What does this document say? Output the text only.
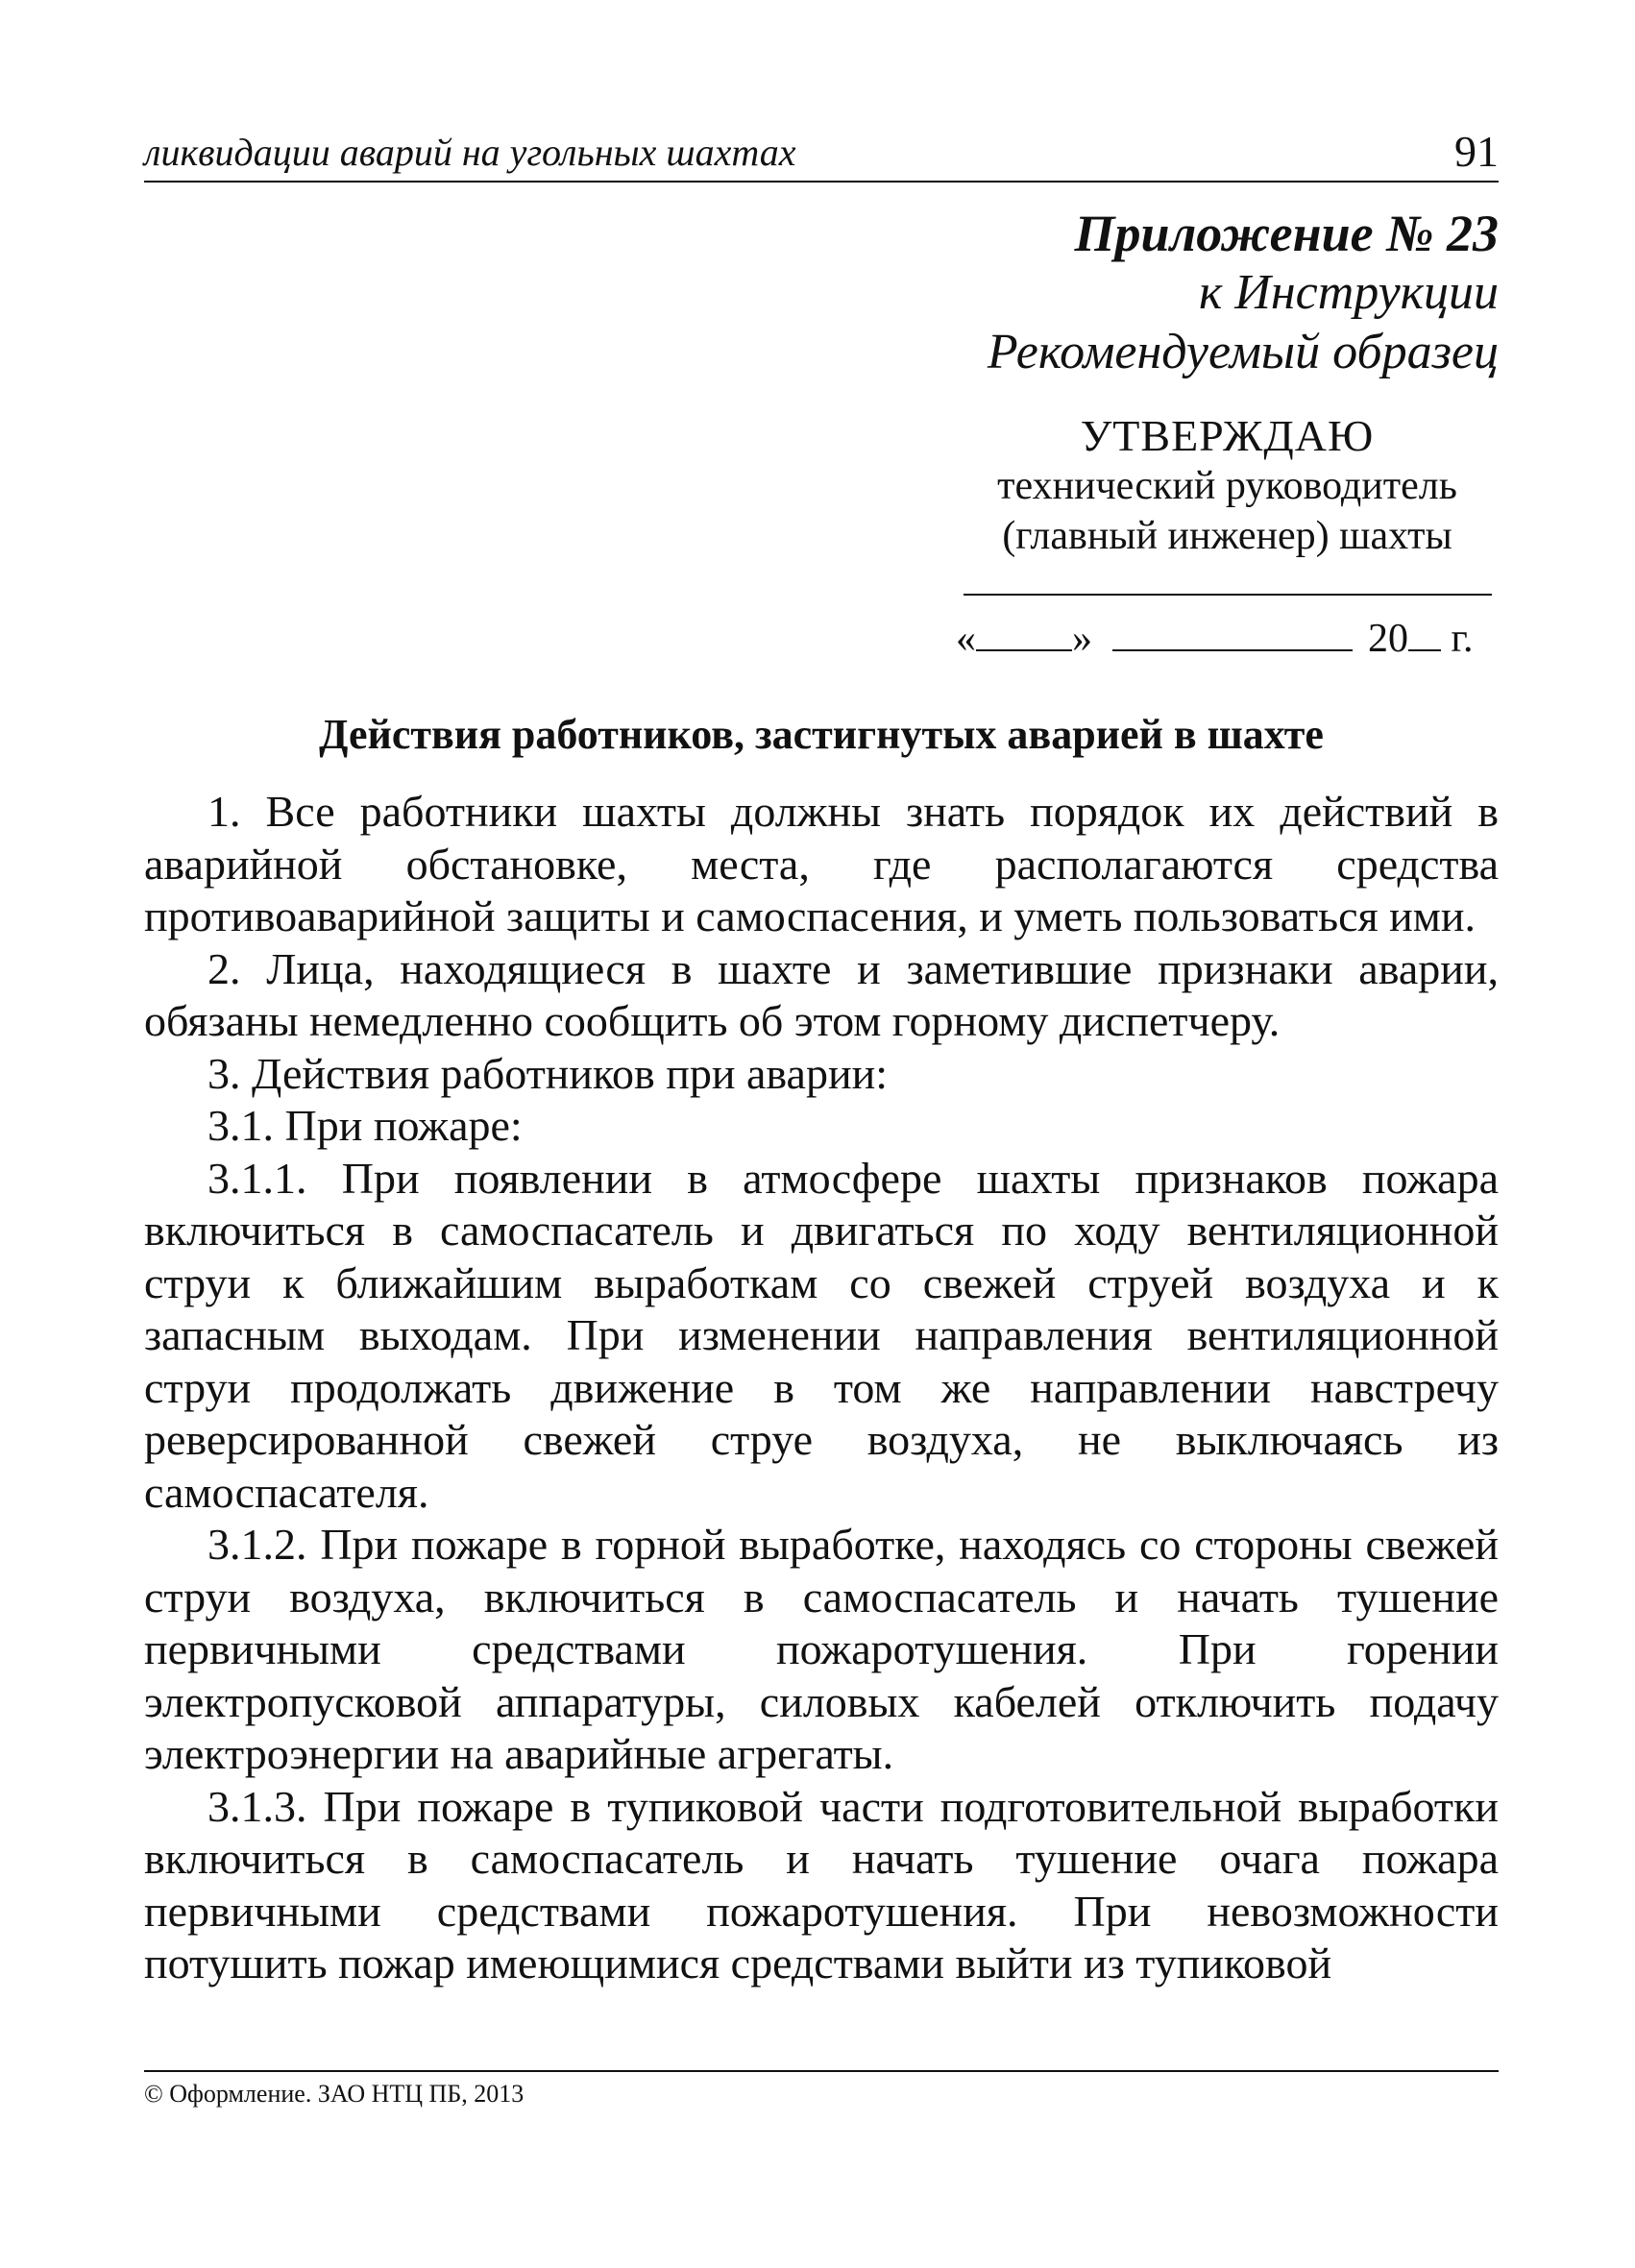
ликвидации аварий на угольных шахтах	91
Приложение № 23
к Инструкции
Рекомендуемый образец
УТВЕРЖДАЮ
технический руководитель
(главный инженер) шахты
« »	20 г.
Действия работников, застигнутых аварией в шахте

1. Все работники шахты должны знать порядок их действий в аварийной обстановке, места, где располагаются средства противоаварийной защиты и самоспасения, и уметь пользоваться ими.

2. Лица, находящиеся в шахте и заметившие признаки аварии, обязаны немедленно сообщить об этом горному диспетчеру.

3. Действия работников при аварии:

3.1. При пожаре:

3.1.1. При появлении в атмосфере шахты признаков пожара включиться в самоспасатель и двигаться по ходу вентиляционной струи к ближайшим выработкам со свежей струей воздуха и к запасным выходам. При изменении направления вентиляционной струи продолжать движение в том же направлении навстречу реверсированной свежей струе воздуха, не выключаясь из самоспасателя.

3.1.2. При пожаре в горной выработке, находясь со стороны свежей струи воздуха, включиться в самоспасатель и начать тушение первичными средствами пожаротушения. При горении электропусковой аппаратуры, силовых кабелей отключить подачу электроэнергии на аварийные агрегаты.

3.1.3. При пожаре в тупиковой части подготовительной выработки включиться в самоспасатель и начать тушение очага пожара первичными средствами пожаротушения. При невозможности потушить пожар имеющимися средствами выйти из тупиковой

© Оформление. ЗАО НТЦ ПБ, 2013
